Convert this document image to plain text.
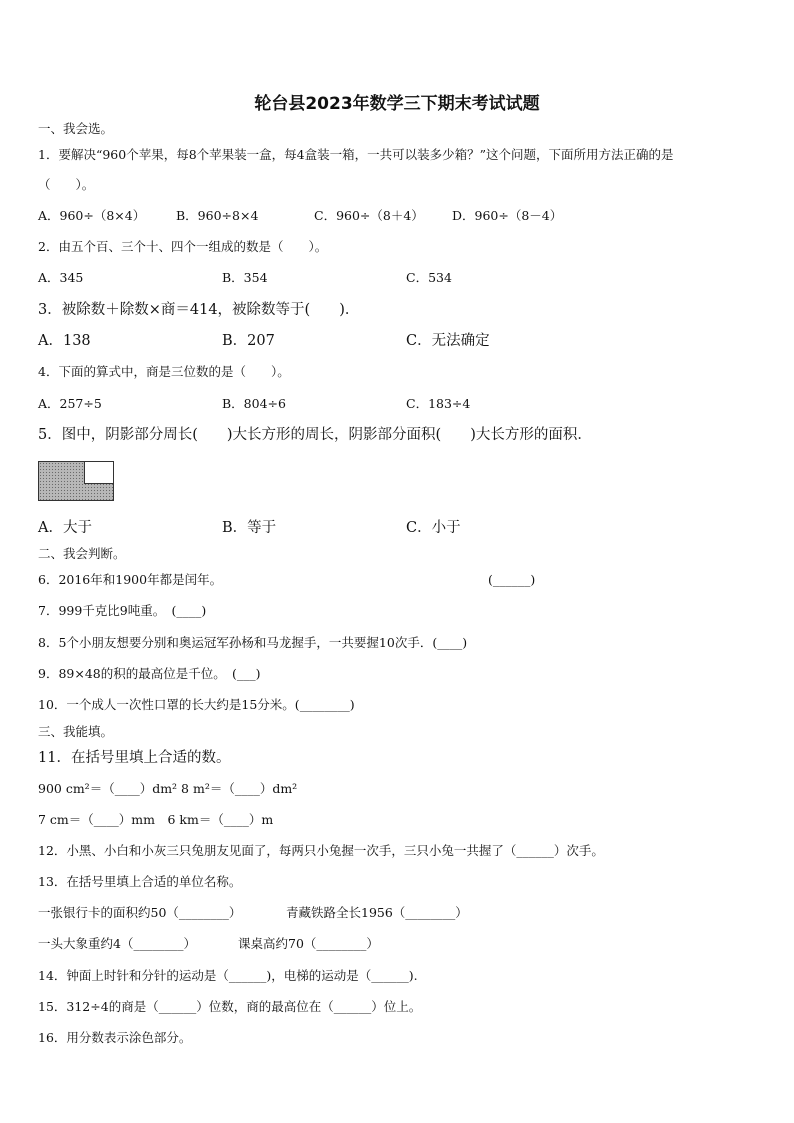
轮台县2023年数学三下期末考试试题
一、我会选。
1．要解决“960个苹果，每8个苹果装一盒，每4盒装一箱，一共可以装多少箱？”这个问题，下面所用方法正确的是
（　　）。
A．960÷（8×4） B．960÷8×4	C．960÷（8＋4） D．960÷（8－4）
2．由五个百、三个十、四个一组成的数是（　　）。
A．345	B．354	C．534
3．被除数＋除数×商＝414，被除数等于(　　)．
A．138	B．207	C．无法确定
4．下面的算式中，商是三位数的是（　　）。
A．257÷5	B．804÷6	C．183÷4
5．图中，阴影部分周长(　　)大长方形的周长，阴影部分面积(　　)大长方形的面积．
A．大于	B．等于	C．小于
二、我会判断。
6．2016年和1900年都是闰年。	(______)
7．999千克比9吨重。　(____)
8．5个小朋友想要分别和奥运冠军孙杨和马龙握手，一共要握10次手．(____)
9．89×48的积的最高位是千位。　(___)
10．一个成人一次性口罩的长大约是15分米。(________)
三、我能填。
11．在括号里填上合适的数。
900 cm²＝（____）dm² 8 m²＝（____）dm²
7 cm＝（____）mm　6 km＝（____）m
12．小黑、小白和小灰三只兔朋友见面了，每两只小兔握一次手，三只小兔一共握了（______）次手。
13．在括号里填上合适的单位名称。
一张银行卡的面积约50（________）	青藏铁路全长1956（________）
一头大象重约4（________）	课桌高约70（________）
14．钟面上时针和分针的运动是（______)，电梯的运动是（______).
15．312÷4的商是（______）位数，商的最高位在（______）位上。
16．用分数表示涂色部分。
